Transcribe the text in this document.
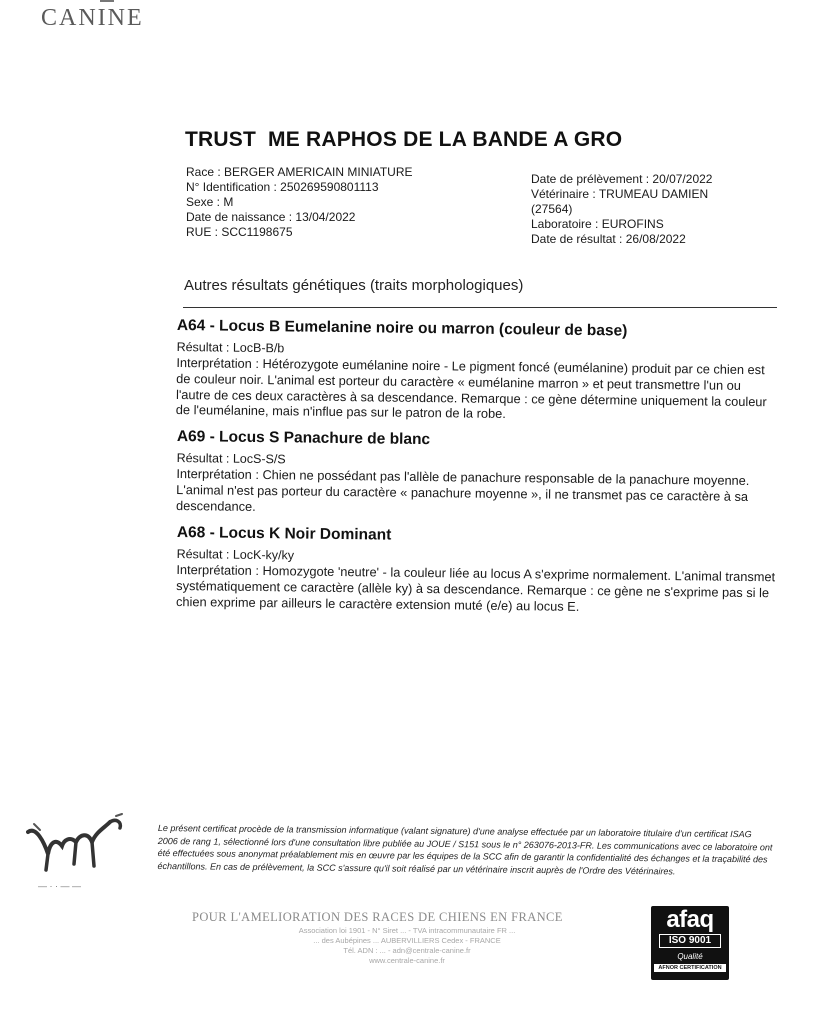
CANINE
TRUST  ME RAPHOS DE LA BANDE A GRO
Race : BERGER AMERICAIN MINIATURE
N° Identification : 250269590801113
Sexe : M
Date de naissance : 13/04/2022
RUE : SCC1198675
Date de prélèvement : 20/07/2022
Vétérinaire : TRUMEAU DAMIEN
(27564)
Laboratoire : EUROFINS
Date de résultat : 26/08/2022
Autres résultats génétiques (traits morphologiques)
A64 - Locus B Eumelanine noire ou marron (couleur de base)
Résultat : LocB-B/b
Interprétation : Hétérozygote eumélanine noire - Le pigment foncé (eumélanine) produit par ce chien est de couleur noir. L'animal est porteur du caractère « eumélanine marron » et peut transmettre l'un ou l'autre de ces deux caractères à sa descendance. Remarque : ce gène détermine uniquement la couleur de l'eumélanine, mais n'influe pas sur le patron de la robe.
A69 - Locus S Panachure de blanc
Résultat : LocS-S/S
Interprétation : Chien ne possédant pas l'allèle de panachure responsable de la panachure moyenne. L'animal n'est pas porteur du caractère « panachure moyenne », il ne transmet pas ce caractère à sa descendance.
A68 - Locus K Noir Dominant
Résultat : LocK-ky/ky
Interprétation : Homozygote 'neutre' - la couleur liée au locus A s'exprime normalement. L'animal transmet systématiquement ce caractère (allèle ky) à sa descendance. Remarque : ce gène ne s'exprime pas si le chien exprime par ailleurs le caractère extension muté (e/e) au locus E.
— · · — —
Le présent certificat procède de la transmission informatique (valant signature) d'une analyse effectuée par un laboratoire titulaire d'un certificat ISAG 2006 de rang 1, sélectionné lors d'une consultation libre publiée au JOUE / S151 sous le n° 263076-2013-FR. Les communications avec ce laboratoire ont été effectuées sous anonymat préalablement mis en œuvre par les équipes de la SCC afin de garantir la confidentialité des échanges et la traçabilité des échantillons. En cas de prélèvement, la SCC s'assure qu'il soit réalisé par un vétérinaire inscrit auprès de l'Ordre des Vétérinaires.
POUR L'AMELIORATION DES RACES DE CHIENS EN FRANCE
Association loi 1901 - N° Siret ... - TVA intracommunautaire FR ...
... des Aubépines ... AUBERVILLIERS Cedex - FRANCE
Tél. ADN : ... - adn@centrale-canine.fr
www.centrale-canine.fr
afaq
ISO 9001
Qualité
AFNOR CERTIFICATION
